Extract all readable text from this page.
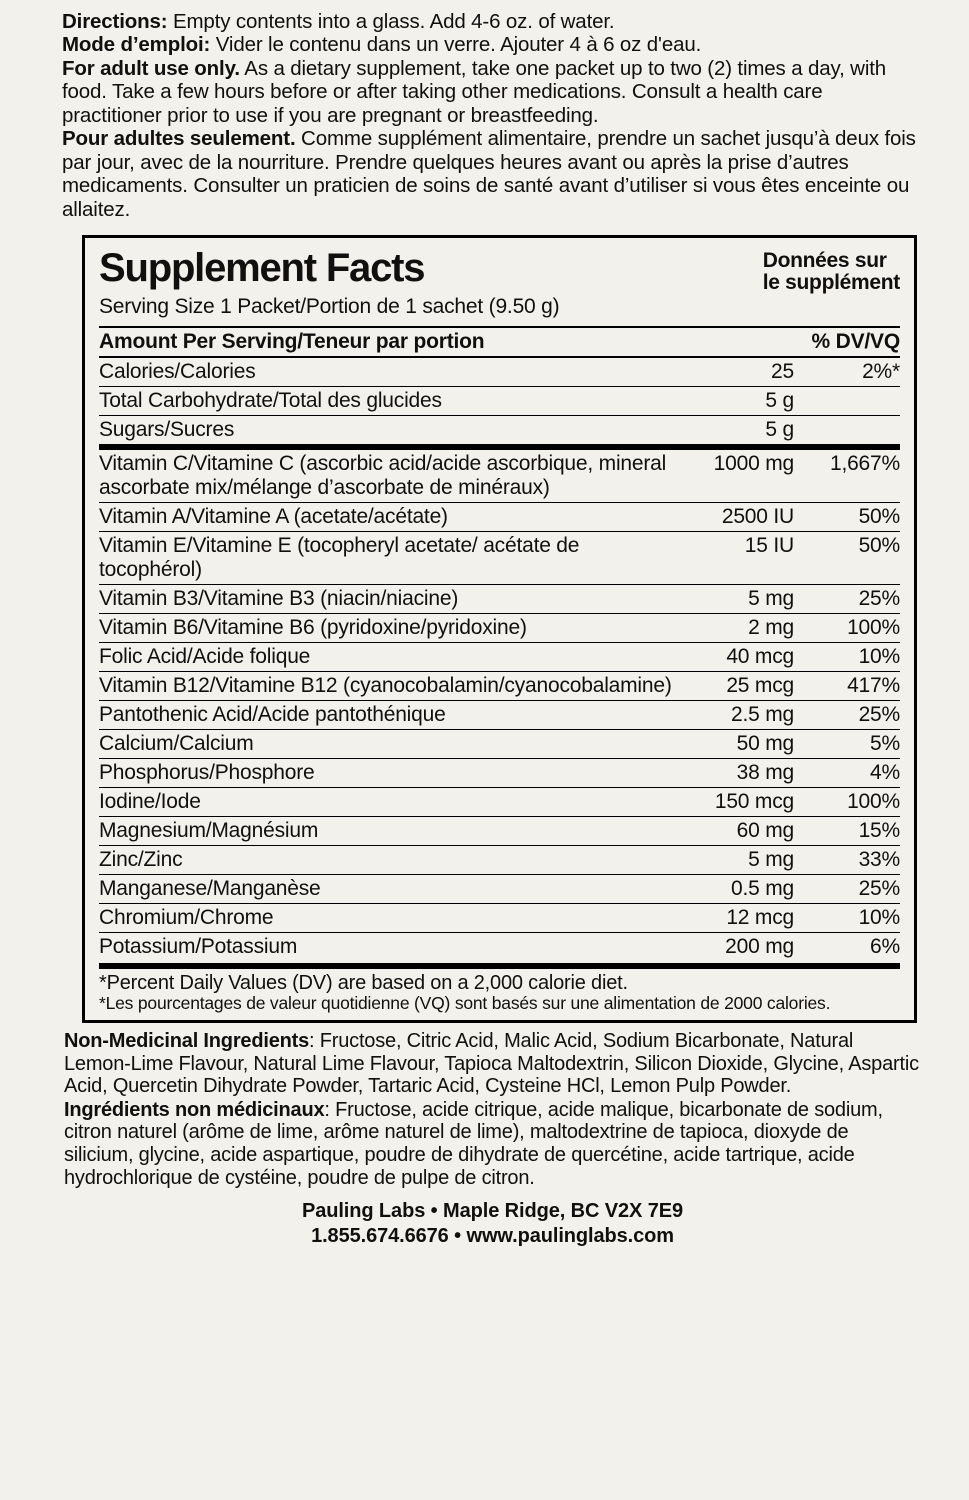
Directions: Empty contents into a glass. Add 4-6 oz. of water.

Mode d’emploi: Vider le contenu dans un verre. Ajouter 4 à 6 oz d'eau.

For adult use only. As a dietary supplement, take one packet up to two (2) times a day, with food. Take a few hours before or after taking other medications. Consult a health care practitioner prior to use if you are pregnant or breastfeeding.

Pour adultes seulement. Comme supplément alimentaire, prendre un sachet jusqu’à deux fois par jour, avec de la nourriture. Prendre quelques heures avant ou après la prise d’autres medicaments. Consulter un praticien de soins de santé avant d’utiliser si vous êtes enceinte ou allaitez.

Supplement Facts	Données sur
le supplément
Serving Size 1 Packet/Portion de 1 sachet (9.50 g)
Amount Per Serving/Teneur par portion		% DV/VQ
Calories/Calories	25	2%*
Total Carbohydrate/Total des glucides	5 g	
Sugars/Sucres	5 g	
Vitamin C/Vitamine C (ascorbic acid/acide ascorbique, mineral ascorbate mix/mélange d’ascorbate de minéraux)	1000 mg	1,667%
Vitamin A/Vitamine A (acetate/acétate)	2500 IU	50%
Vitamin E/Vitamine E (tocopheryl acetate/ acétate de tocophérol)	15 IU	50%
Vitamin B3/Vitamine B3 (niacin/niacine)	5 mg	25%
Vitamin B6/Vitamine B6 (pyridoxine/pyridoxine)	2 mg	100%
Folic Acid/Acide folique	40 mcg	10%
Vitamin B12/Vitamine B12 (cyanocobalamin/cyanocobalamine)	25 mcg	417%
Pantothenic Acid/Acide pantothénique	2.5 mg	25%
Calcium/Calcium	50 mg	5%
Phosphorus/Phosphore	38 mg	4%
Iodine/Iode	150 mcg	100%
Magnesium/Magnésium	60 mg	15%
Zinc/Zinc	5 mg	33%
Manganese/Manganèse	0.5 mg	25%
Chromium/Chrome	12 mcg	10%
Potassium/Potassium	200 mg	6%
*Percent Daily Values (DV) are based on a 2,000 calorie diet.
*Les pourcentages de valeur quotidienne (VQ) sont basés sur une alimentation de 2000 calories.
Non-Medicinal Ingredients: Fructose, Citric Acid, Malic Acid, Sodium Bicarbonate, Natural Lemon-Lime Flavour, Natural Lime Flavour, Tapioca Maltodextrin, Silicon Dioxide, Glycine, Aspartic Acid, Quercetin Dihydrate Powder, Tartaric Acid, Cysteine HCl, Lemon Pulp Powder.
Ingrédients non médicinaux: Fructose, acide citrique, acide malique, bicarbonate de sodium, citron naturel (arôme de lime, arôme naturel de lime), maltodextrine de tapioca, dioxyde de silicium, glycine, acide aspartique, poudre de dihydrate de quercétine, acide tartrique, acide hydrochlorique de cystéine, poudre de pulpe de citron.
Pauling Labs • Maple Ridge, BC V2X 7E9
1.855.674.6676 • www.paulinglabs.com
